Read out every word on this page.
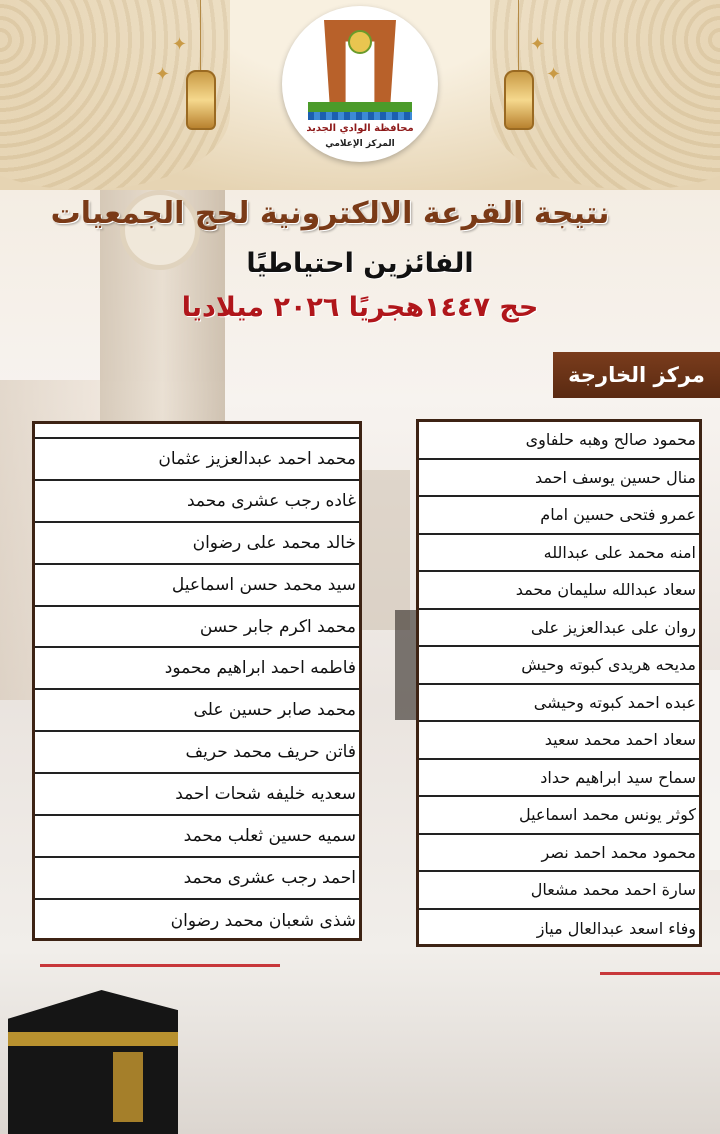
✦
✦
✦
✦
محافظة الوادي الجديد
المركز الإعلامي
نتيجة القرعة الالكترونية لحج الجمعيات
الفائزين احتياطيًا
حج ١٤٤٧هجريًا ٢٠٢٦ ميلاديا
مركز الخارجة
محمد احمد عبدالعزيز عثمان
غاده رجب عشرى محمد
خالد محمد على رضوان
سيد محمد حسن اسماعيل
محمد اكرم جابر حسن
فاطمه احمد ابراهيم محمود
محمد صابر حسين على
فاتن حريف محمد حريف
سعديه خليفه شحات احمد
سميه حسين ثعلب محمد
احمد رجب عشرى محمد
شذى شعبان محمد رضوان
محمود صالح وهبه حلفاوى
منال حسين يوسف احمد
عمرو فتحى حسين امام
امنه محمد على عبدالله
سعاد عبدالله سليمان محمد
روان على عبدالعزيز على
مديحه هريدى كبوته وحيش
عبده احمد كبوته وحيشى
سعاد احمد محمد سعيد
سماح سيد ابراهيم حداد
كوثر يونس محمد اسماعيل
محمود محمد احمد نصر
سارة احمد محمد مشعال
وفاء اسعد عبدالعال مياز
